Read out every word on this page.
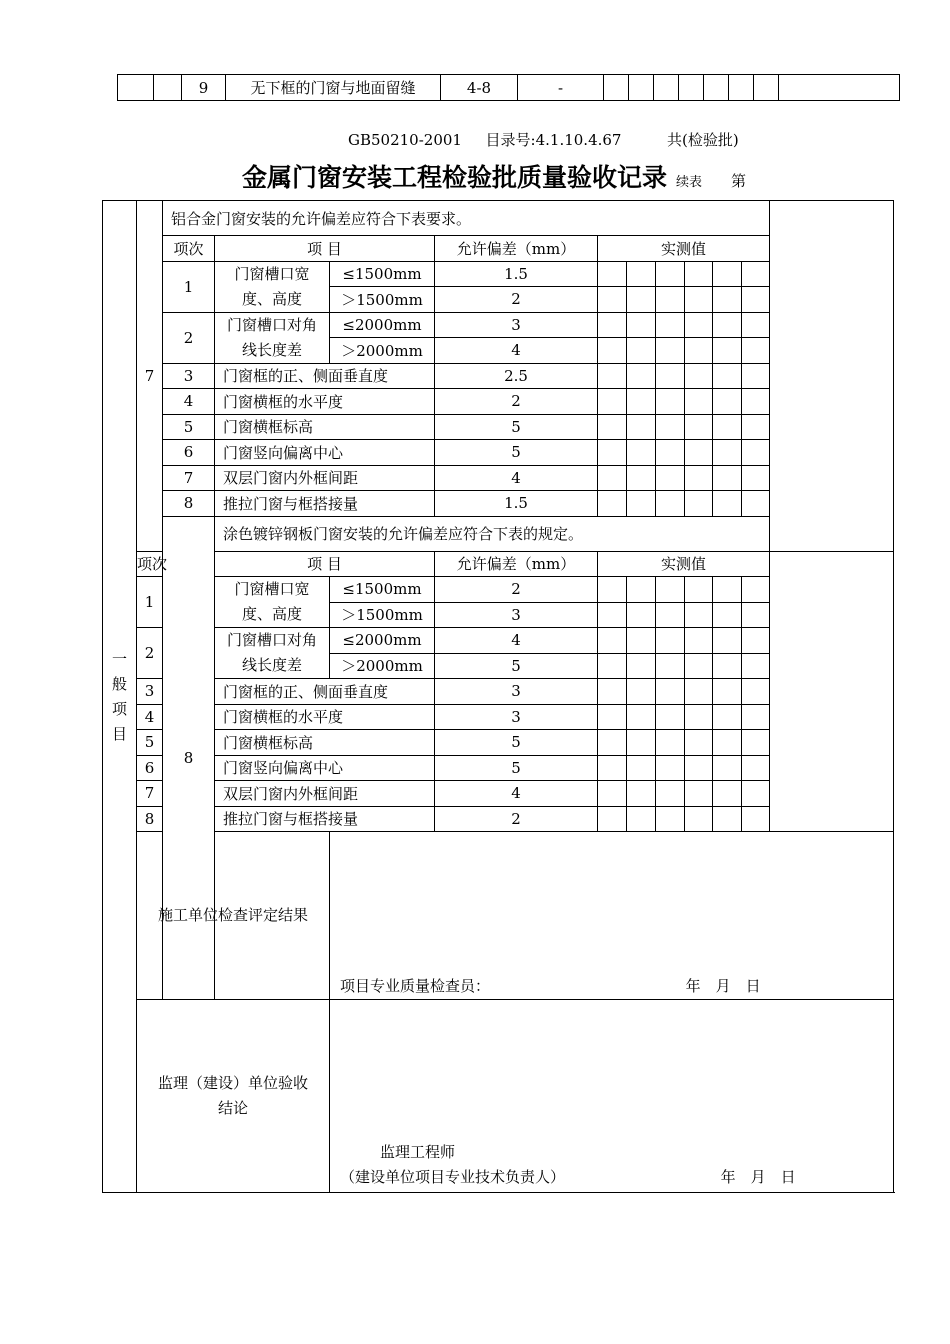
		9	无下框的门窗与地面留缝	4-8	-								
GB50210-2001 目录号:4.1.10.4.67	共(检验批)
金属门窗安装工程检验批质量验收记录 续表 第
一般项目	7	铝合金门窗安装的允许偏差应符合下表要求。											
		项次	项 目		允许偏差（mm）	实测值							
		1	门窗槽口宽度、高度	≤1500mm	1.5								
				＞1500mm	2								
		2	门窗槽口对角线长度差	≤2000mm	3								
				＞2000mm	4								
		3	门窗框的正、侧面垂直度		2.5								
		4	门窗横框的水平度		2								
		5	门窗横框标高		5								
		6	门窗竖向偏离中心		5								
		7	双层门窗内外框间距		4								
		8	推拉门窗与框搭接量		1.5								
		8	涂色镀锌钢板门窗安装的允许偏差应符合下表的规定。										
	项次		项 目		允许偏差（mm）	实测值							
	1		门窗槽口宽度、高度	≤1500mm	2								
				＞1500mm	3								
	2		门窗槽口对角线长度差	≤2000mm	4								
				＞2000mm	5								
	3		门窗框的正、侧面垂直度		3								
	4		门窗横框的水平度		3								
	5		门窗横框标高		5								
	6		门窗竖向偏离中心		5								
	7		双层门窗内外框间距		4								
	8		推拉门窗与框搭接量		2								
	施工单位检查评定结果			项目专业质量检查员： 年　月　日									
	监理（建设）单位验收结论			监理工程师
（建设单位项目专业技术负责人） 年　月　日									
